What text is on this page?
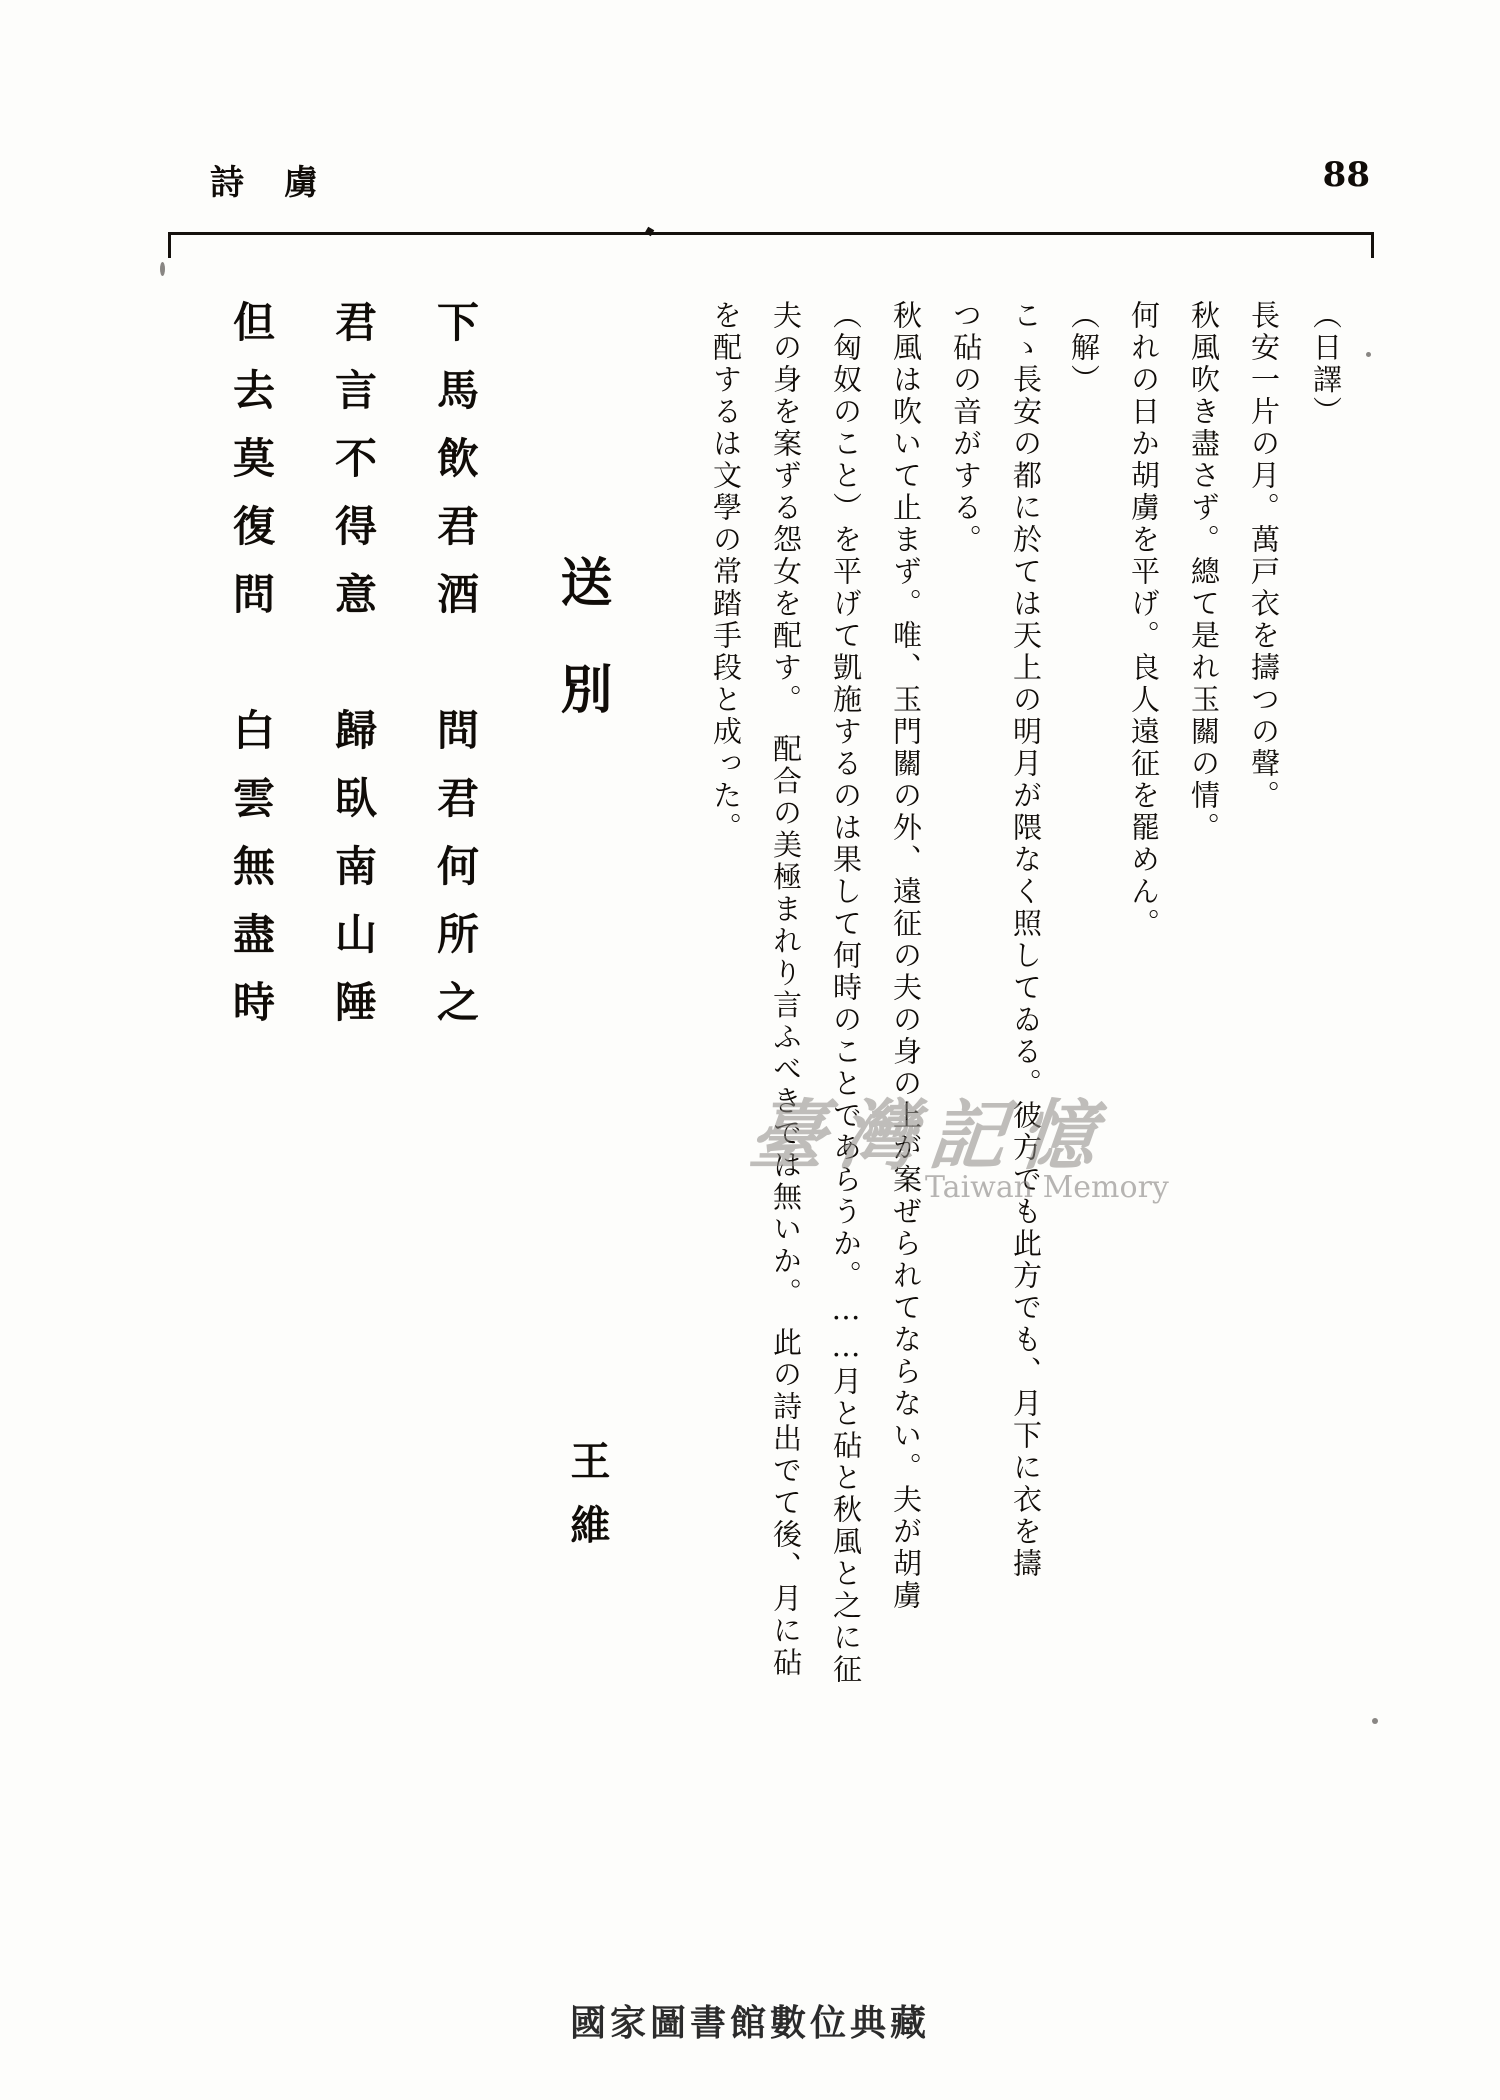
詩虜	88
（日譯）
長安一片の月。萬戸衣を擣つの聲。
秋風吹き盡さず。總て是れ玉關の情。
何れの日か胡虜を平げ。良人遠征を罷めん。
（解）
こゝ長安の都に於ては天上の明月が隈なく照してゐる。彼方でも此方でも、月下に衣を擣
つ砧の音がする。
秋風は吹いて止まず。唯、玉門關の外、遠征の夫の身の上が案ぜられてならない。夫が胡虜
（匈奴のこと）を平げて凱施するのは果して何時のことであらうか。……月と砧と秋風と之に征
夫の身を案ずる怨女を配す。　配合の美極まれり言ふべきでは無いか。　此の詩出でて後、月に砧
を配するは文學の常踏手段と成った。
送別
王維
下馬飲君酒　問君何所之
君言不得意　歸臥南山陲
但去莫復問　白雲無盡時
臺灣記憶
Taiwan Memory
國家圖書館數位典藏
